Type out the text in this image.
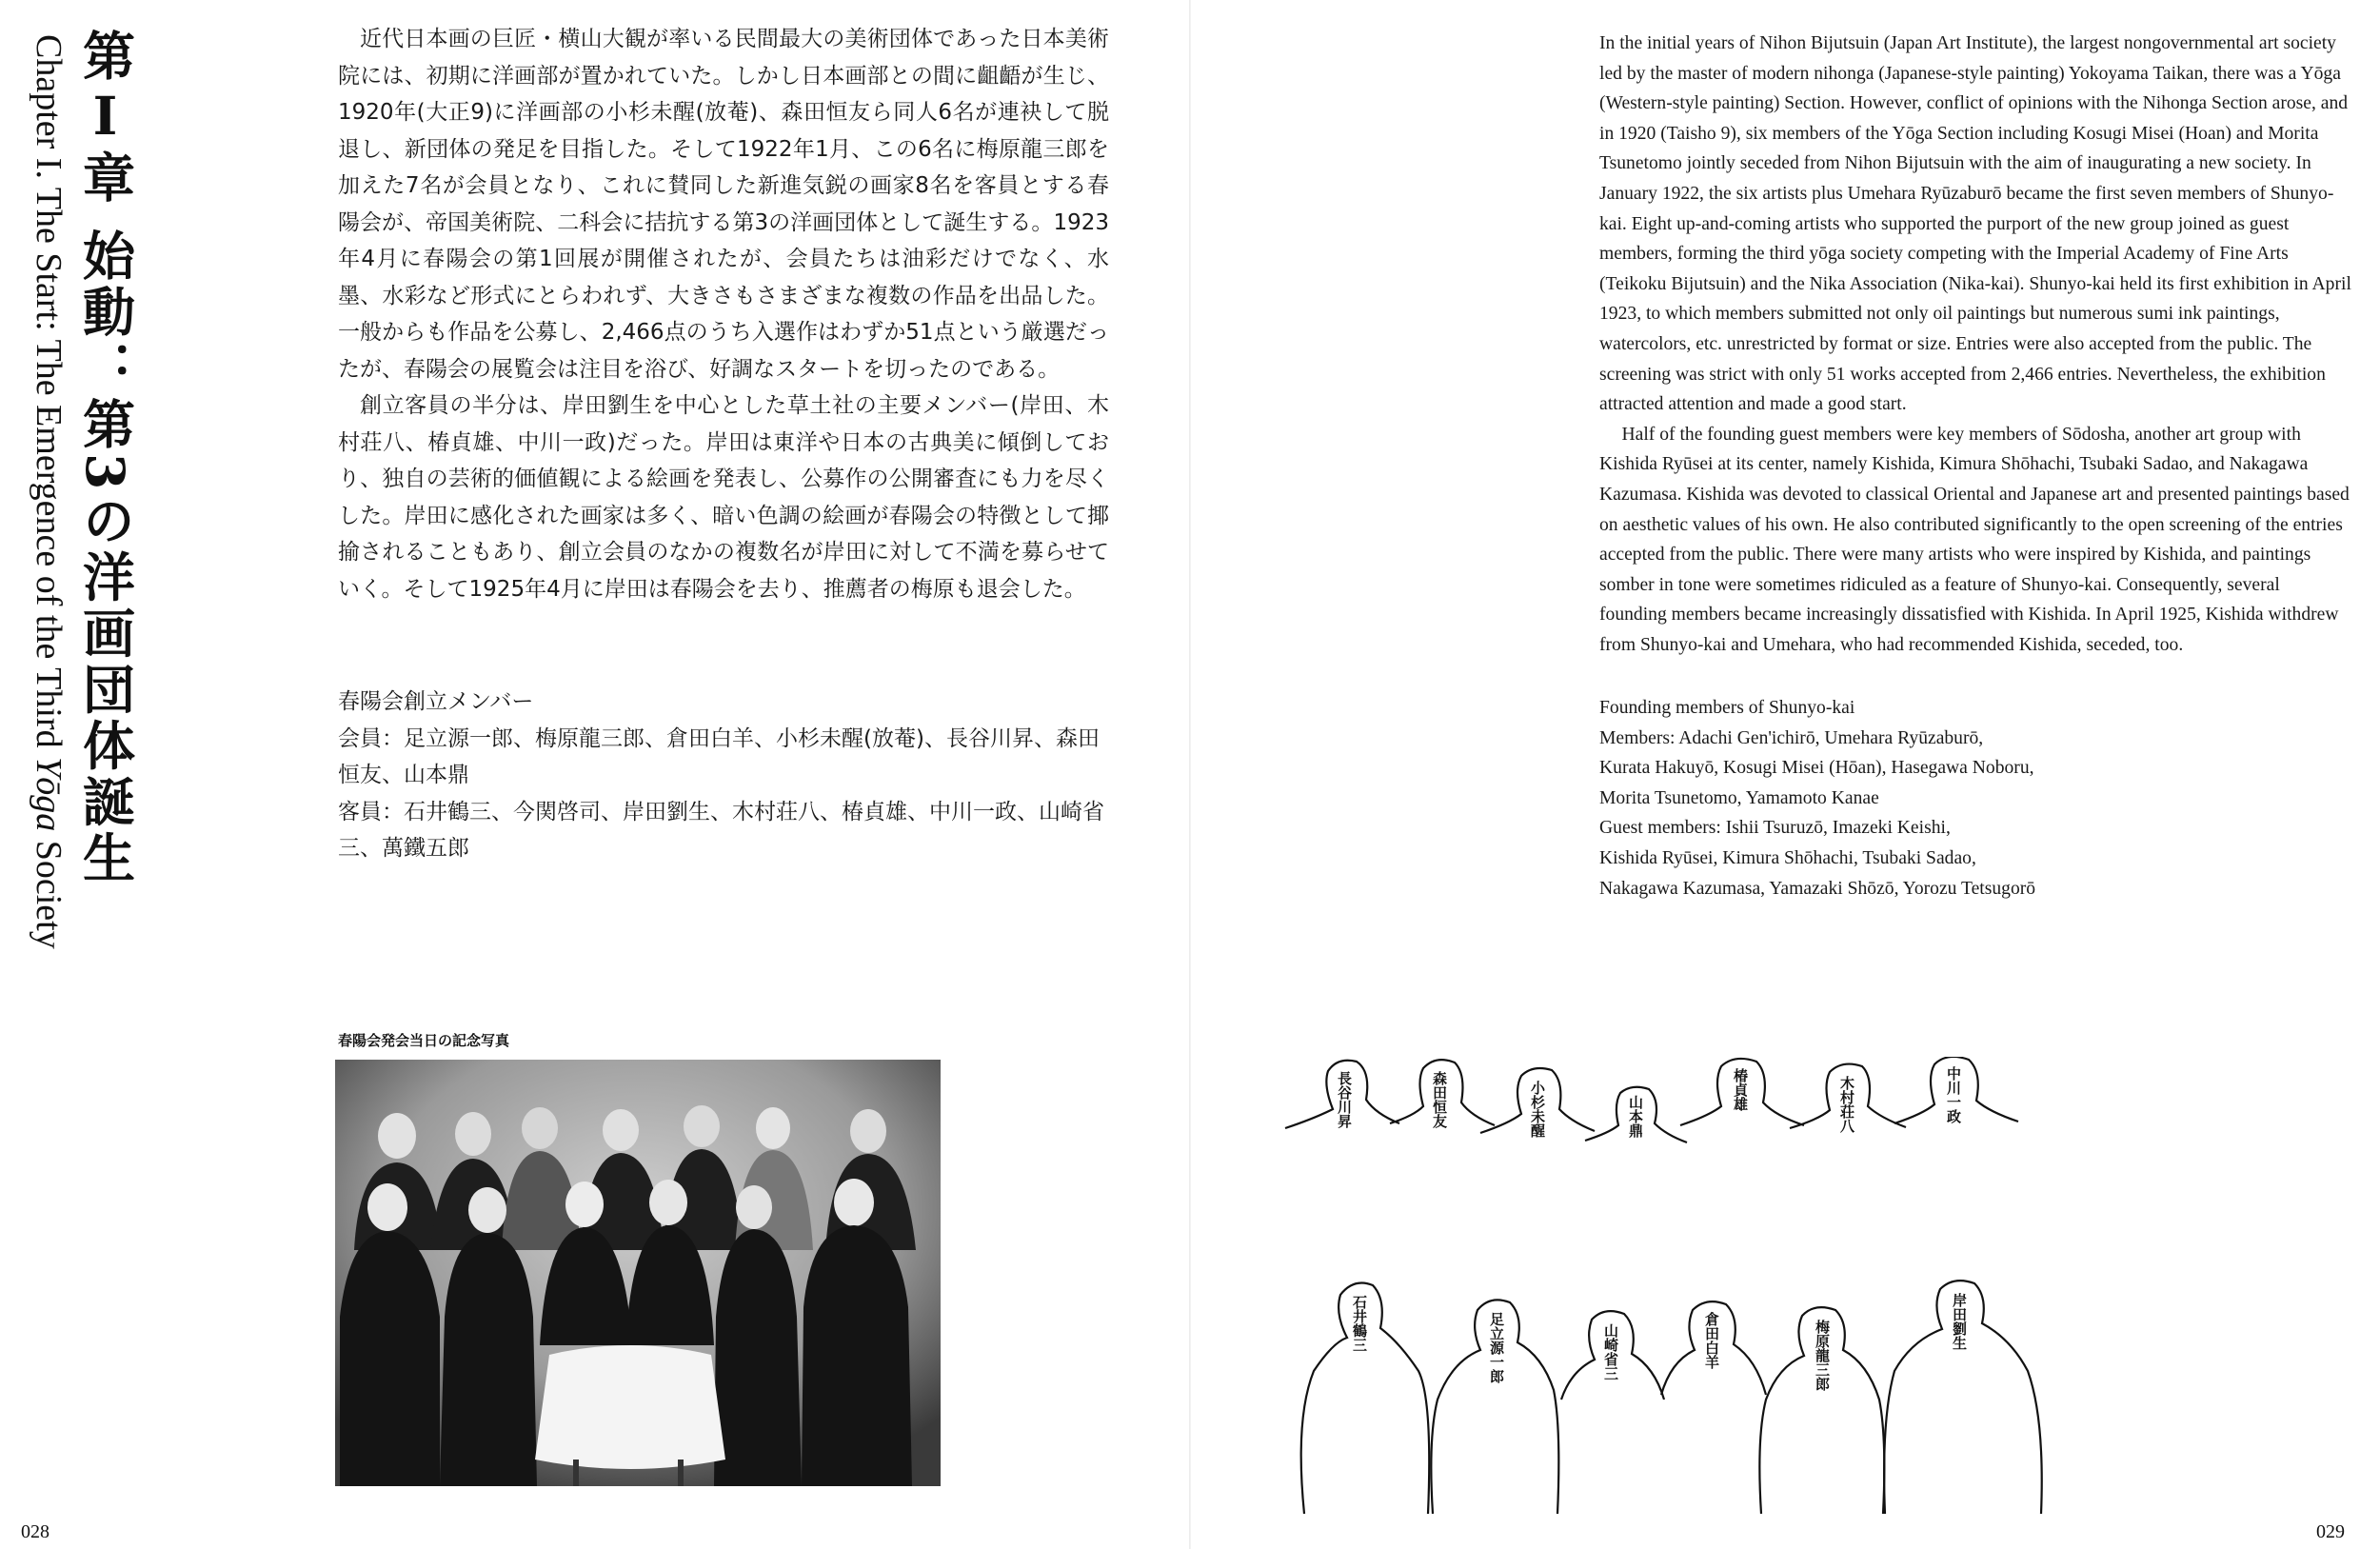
第Ⅰ章 始動：第3の洋画団体誕生
Chapter I. The Start: The Emergence of the Third Yōga Society

近代日本画の巨匠・横山大観が率いる民間最大の美術団体であった日本美術院には、初期に洋画部が置かれていた。しかし日本画部との間に齟齬が生じ、1920年(大正9)に洋画部の小杉未醒(放菴)、森田恒友ら同人6名が連袂して脱退し、新団体の発足を目指した。そして1922年1月、この6名に梅原龍三郎を加えた7名が会員となり、これに賛同した新進気鋭の画家8名を客員とする春陽会が、帝国美術院、二科会に拮抗する第3の洋画団体として誕生する。1923年4月に春陽会の第1回展が開催されたが、会員たちは油彩だけでなく、水墨、水彩など形式にとらわれず、大きさもさまざまな複数の作品を出品した。一般からも作品を公募し、2,466点のうち入選作はわずか51点という厳選だったが、春陽会の展覧会は注目を浴び、好調なスタートを切ったのである。

創立客員の半分は、岸田劉生を中心とした草土社の主要メンバー(岸田、木村荘八、椿貞雄、中川一政)だった。岸田は東洋や日本の古典美に傾倒しており、独自の芸術的価値観による絵画を発表し、公募作の公開審査にも力を尽くした。岸田に感化された画家は多く、暗い色調の絵画が春陽会の特徴として揶揄されることもあり、創立会員のなかの複数名が岸田に対して不満を募らせていく。そして1925年4月に岸田は春陽会を去り、推薦者の梅原も退会した。

春陽会創立メンバー
会員：足立源一郎、梅原龍三郎、倉田白羊、小杉未醒(放菴)、長谷川昇、森田恒友、山本鼎
客員：石井鶴三、今関啓司、岸田劉生、木村荘八、椿貞雄、中川一政、山崎省三、萬鐵五郎

In the initial years of Nihon Bijutsuin (Japan Art Institute), the largest nongovernmental art society led by the master of modern nihonga (Japanese-style painting) Yokoyama Taikan, there was a Yōga (Western-style painting) Section. However, conflict of opinions with the Nihonga Section arose, and in 1920 (Taisho 9), six members of the Yōga Section including Kosugi Misei (Hoan) and Morita Tsunetomo jointly seceded from Nihon Bijutsuin with the aim of inaugurating a new society. In January 1922, the six artists plus Umehara Ryūzaburō became the first seven members of Shunyo-kai. Eight up-and-coming artists who supported the purport of the new group joined as guest members, forming the third yōga society competing with the Imperial Academy of Fine Arts (Teikoku Bijutsuin) and the Nika Association (Nika-kai). Shunyo-kai held its first exhibition in April 1923, to which members submitted not only oil paintings but numerous sumi ink paintings, watercolors, etc. unrestricted by format or size. Entries were also accepted from the public. The screening was strict with only 51 works accepted from 2,466 entries. Nevertheless, the exhibition attracted attention and made a good start.

Half of the founding guest members were key members of Sōdosha, another art group with Kishida Ryūsei at its center, namely Kishida, Kimura Shōhachi, Tsubaki Sadao, and Nakagawa Kazumasa. Kishida was devoted to classical Oriental and Japanese art and presented paintings based on aesthetic values of his own. He also contributed significantly to the open screening of the entries accepted from the public. There were many artists who were inspired by Kishida, and paintings somber in tone were sometimes ridiculed as a feature of Shunyo-kai. Consequently, several founding members became increasingly dissatisfied with Kishida. In April 1925, Kishida withdrew from Shunyo-kai and Umehara, who had recommended Kishida, seceded, too.

Founding members of Shunyo-kai
Members: Adachi Gen'ichirō, Umehara Ryūzaburō,
Kurata Hakuyō, Kosugi Misei (Hōan), Hasegawa Noboru,
Morita Tsunetomo, Yamamoto Kanae
Guest members: Ishii Tsuruzō, Imazeki Keishi,
Kishida Ryūsei, Kimura Shōhachi, Tsubaki Sadao,
Nakagawa Kazumasa, Yamazaki Shōzō, Yorozu Tetsugorō
春陽会発会当日の記念写真
長谷川昇	森田恒友	小杉未醒	山本鼎
椿貞雄	木村荘八	中川一政
石井鶴三	足立源一郎	山崎省三	倉田白羊	梅原龍三郎	岸田劉生
028	029
